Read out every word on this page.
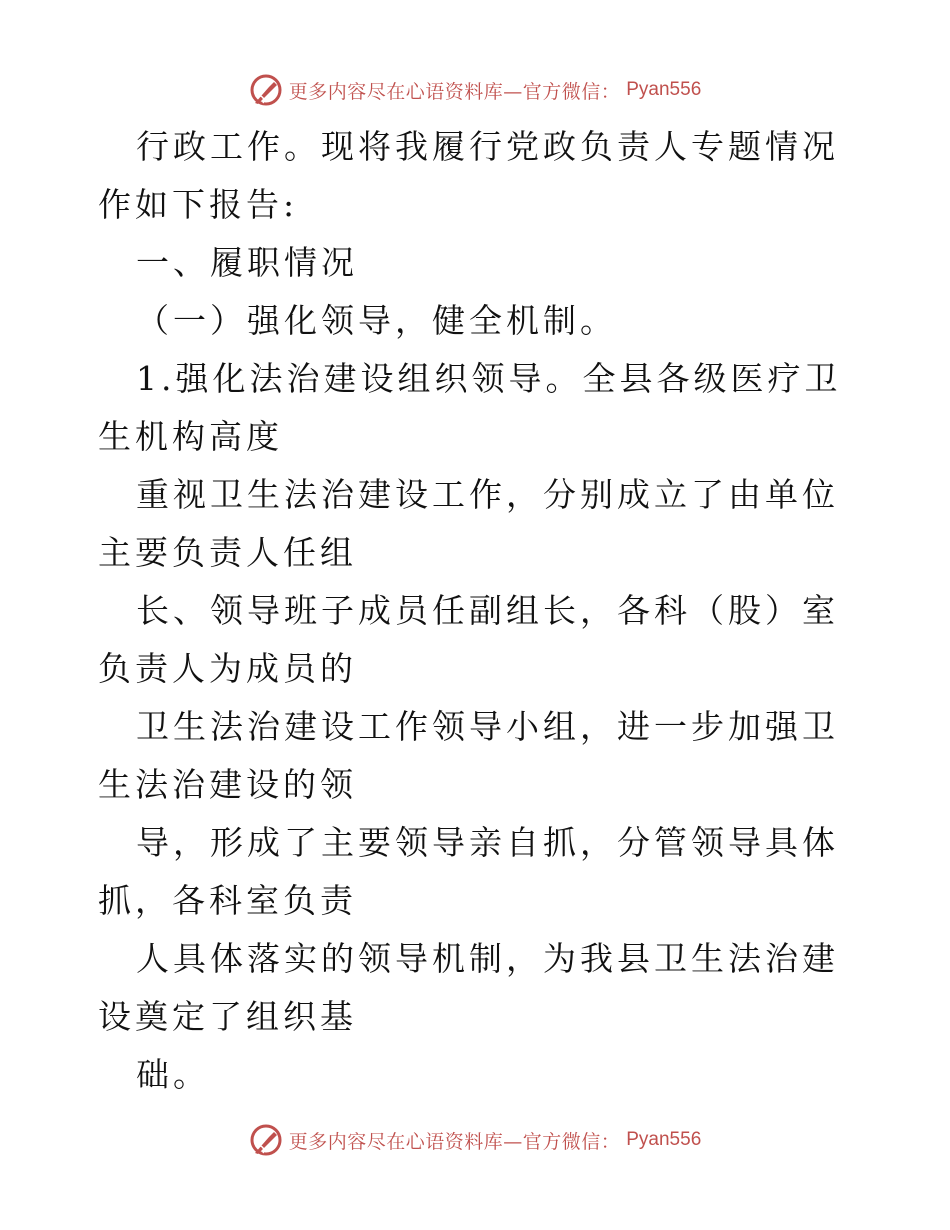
更多内容尽在心语资料库—官方微信： Pyan556

行政工作。现将我履行党政负责人专题情况作如下报告:

一、履职情况

（一）强化领导，健全机制。

1.强化法治建设组织领导。全县各级医疗卫生机构高度

重视卫生法治建设工作，分别成立了由单位主要负责人任组

长、领导班子成员任副组长，各科（股）室负责人为成员的

卫生法治建设工作领导小组，进一步加强卫生法治建设的领

导，形成了主要领导亲自抓，分管领导具体抓，各科室负责

人具体落实的领导机制，为我县卫生法治建设奠定了组织基

础。

更多内容尽在心语资料库—官方微信： Pyan556
